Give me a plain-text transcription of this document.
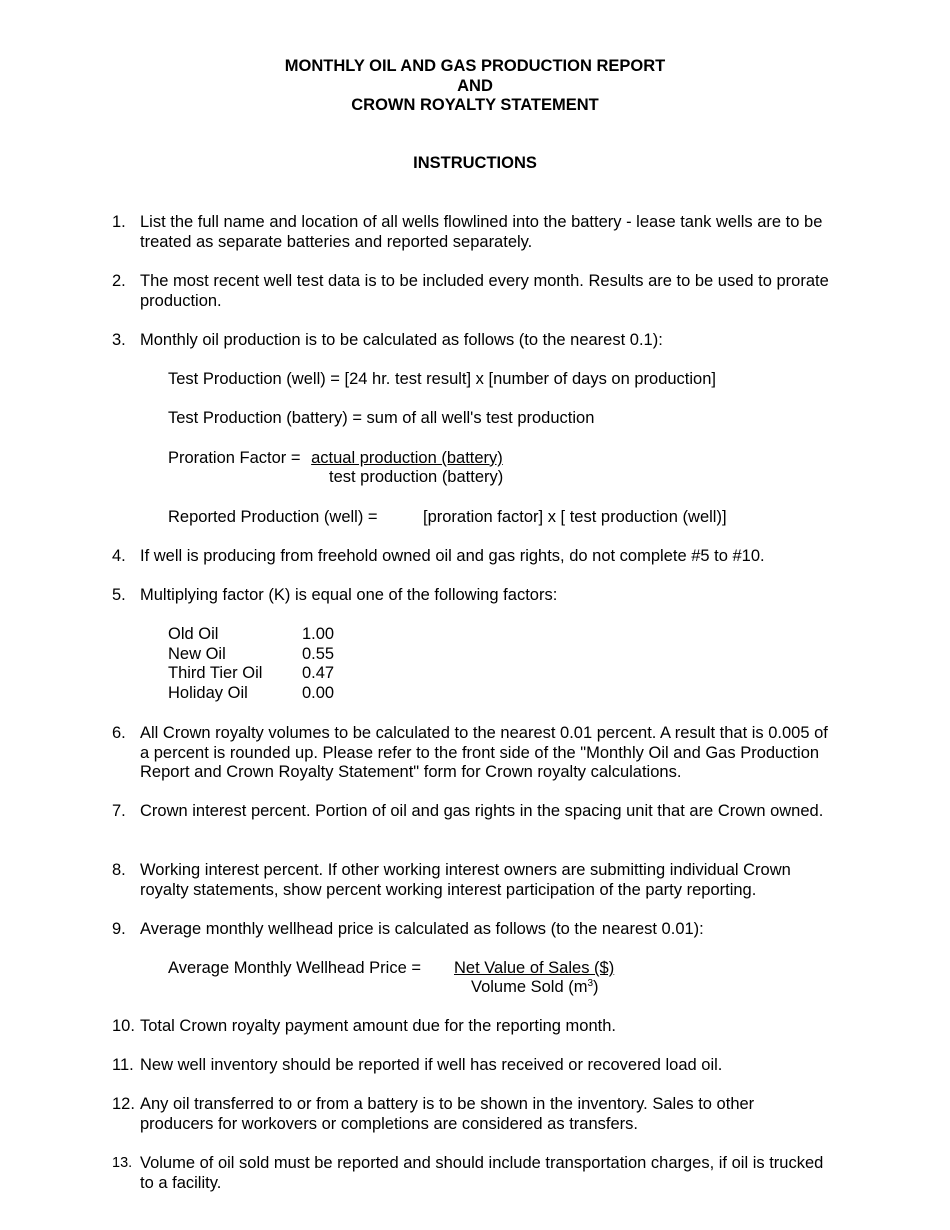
MONTHLY OIL AND GAS PRODUCTION REPORT
AND
CROWN ROYALTY STATEMENT
INSTRUCTIONS
1. List the full name and location of all wells flowlined into the battery - lease tank wells are to be treated as separate batteries and reported separately.
2. The most recent well test data is to be included every month. Results are to be used to prorate production.
3. Monthly oil production is to be calculated as follows (to the nearest 0.1):
Test Production (well) = [24 hr. test result] x [number of days on production]
Test Production (battery) = sum of all well's test production
Proration Factor = actual production (battery)
test production (battery)
Reported Production (well) =	[proration factor] x [ test production (well)]
4. If well is producing from freehold owned oil and gas rights, do not complete #5 to #10.
5. Multiplying factor (K) is equal one of the following factors:
Old Oil	1.00
New Oil	0.55
Third Tier Oil	0.47
Holiday Oil	0.00
6. All Crown royalty volumes to be calculated to the nearest 0.01 percent. A result that is 0.005 of a percent is rounded up. Please refer to the front side of the "Monthly Oil and Gas Production Report and Crown Royalty Statement" form for Crown royalty calculations.
7. Crown interest percent. Portion of oil and gas rights in the spacing unit that are Crown owned.
8. Working interest percent. If other working interest owners are submitting individual Crown royalty statements, show percent working interest participation of the party reporting.
9. Average monthly wellhead price is calculated as follows (to the nearest 0.01):
Average Monthly Wellhead Price = Net Value of Sales ($)
Volume Sold $(m^3)$
10. Total Crown royalty payment amount due for the reporting month.
11. New well inventory should be reported if well has received or recovered load oil.
12. Any oil transferred to or from a battery is to be shown in the inventory. Sales to other producers for workovers or completions are considered as transfers.
13. Volume of oil sold must be reported and should include transportation charges, if oil is trucked to a facility.
